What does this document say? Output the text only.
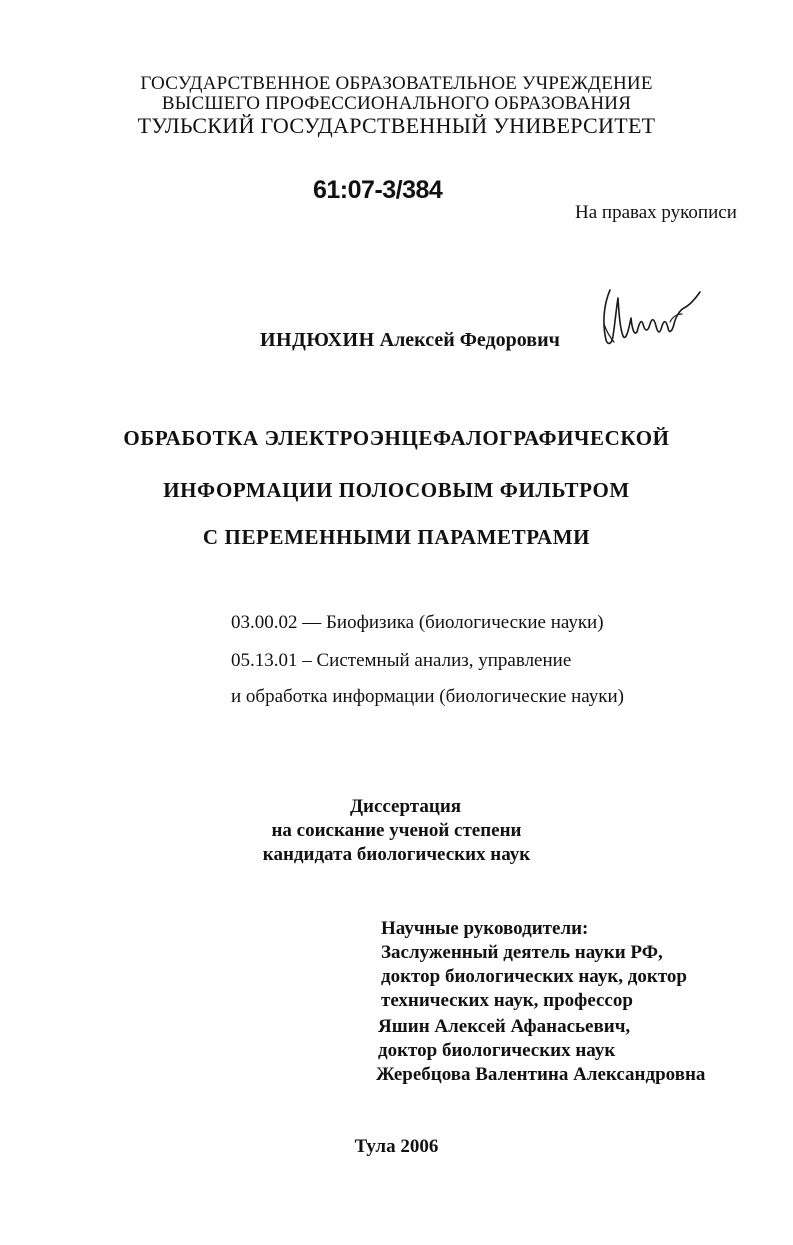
ГОСУДАРСТВЕННОЕ ОБРАЗОВАТЕЛЬНОЕ УЧРЕЖДЕНИЕ
ВЫСШЕГО ПРОФЕССИОНАЛЬНОГО ОБРАЗОВАНИЯ
ТУЛЬСКИЙ ГОСУДАРСТВЕННЫЙ УНИВЕРСИТЕТ
61:07-3/384
На правах рукописи
ИНДЮХИН Алексей Федорович
ОБРАБОТКА ЭЛЕКТРОЭНЦЕФАЛОГРАФИЧЕСКОЙ
ИНФОРМАЦИИ ПОЛОСОВЫМ ФИЛЬТРОМ
С ПЕРЕМЕННЫМИ ПАРАМЕТРАМИ
03.00.02 — Биофизика (биологические науки)
05.13.01 – Системный анализ, управление
и обработка информации (биологические науки)
Диссертация
на соискание ученой степени
кандидата биологических наук
Научные руководители:
Заслуженный деятель науки РФ,
доктор биологических наук, доктор
технических наук, профессор
Яшин Алексей Афанасьевич,
доктор биологических наук
Жеребцова Валентина Александровна
Тула 2006
